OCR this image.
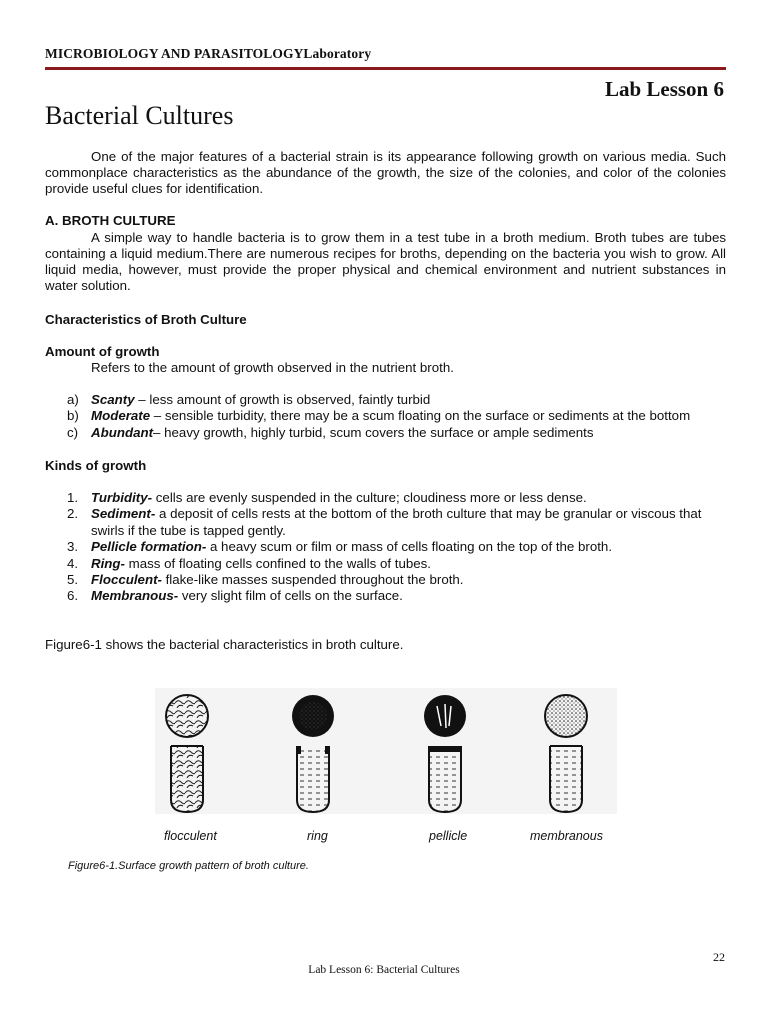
MICROBIOLOGY AND PARASITOLOGYLaboratory
Lab Lesson 6
Bacterial Cultures

One of the major features of a bacterial strain is its appearance following growth on various media. Such commonplace characteristics as the abundance of the growth, the size of the colonies, and color of the colonies provide useful clues for identification.

A. BROTH CULTURE

A simple way to handle bacteria is to grow them in a test tube in a broth medium. Broth tubes are tubes containing a liquid medium.There are numerous recipes for broths, depending on the bacteria you wish to grow. All liquid media, however, must provide the proper physical and chemical environment and nutrient substances in water solution.

Characteristics of Broth Culture
Amount of growth
Refers to the amount of growth observed in the nutrient broth.
a) Scanty – less amount of growth is observed, faintly turbid
b) Moderate – sensible turbidity, there may be a scum floating on the surface or sediments at the bottom
c) Abundant– heavy growth, highly turbid, scum covers the surface or ample sediments
Kinds of growth
1. Turbidity- cells are evenly suspended in the culture; cloudiness more or less dense.
2. Sediment- a deposit of cells rests at the bottom of the broth culture that may be granular or viscous that swirls if the tube is tapped gently.
3. Pellicle formation- a heavy scum or film or mass of cells floating on the top of the broth.
4. Ring- mass of floating cells confined to the walls of tubes.
5. Flocculent- flake-like masses suspended throughout the broth.
6. Membranous- very slight film of cells on the surface.
Figure6-1 shows the bacterial characteristics in broth culture.
flocculent	ring	pellicle	membranous
Figure6-1.Surface growth pattern of broth culture.
22
Lab Lesson 6: Bacterial Cultures
